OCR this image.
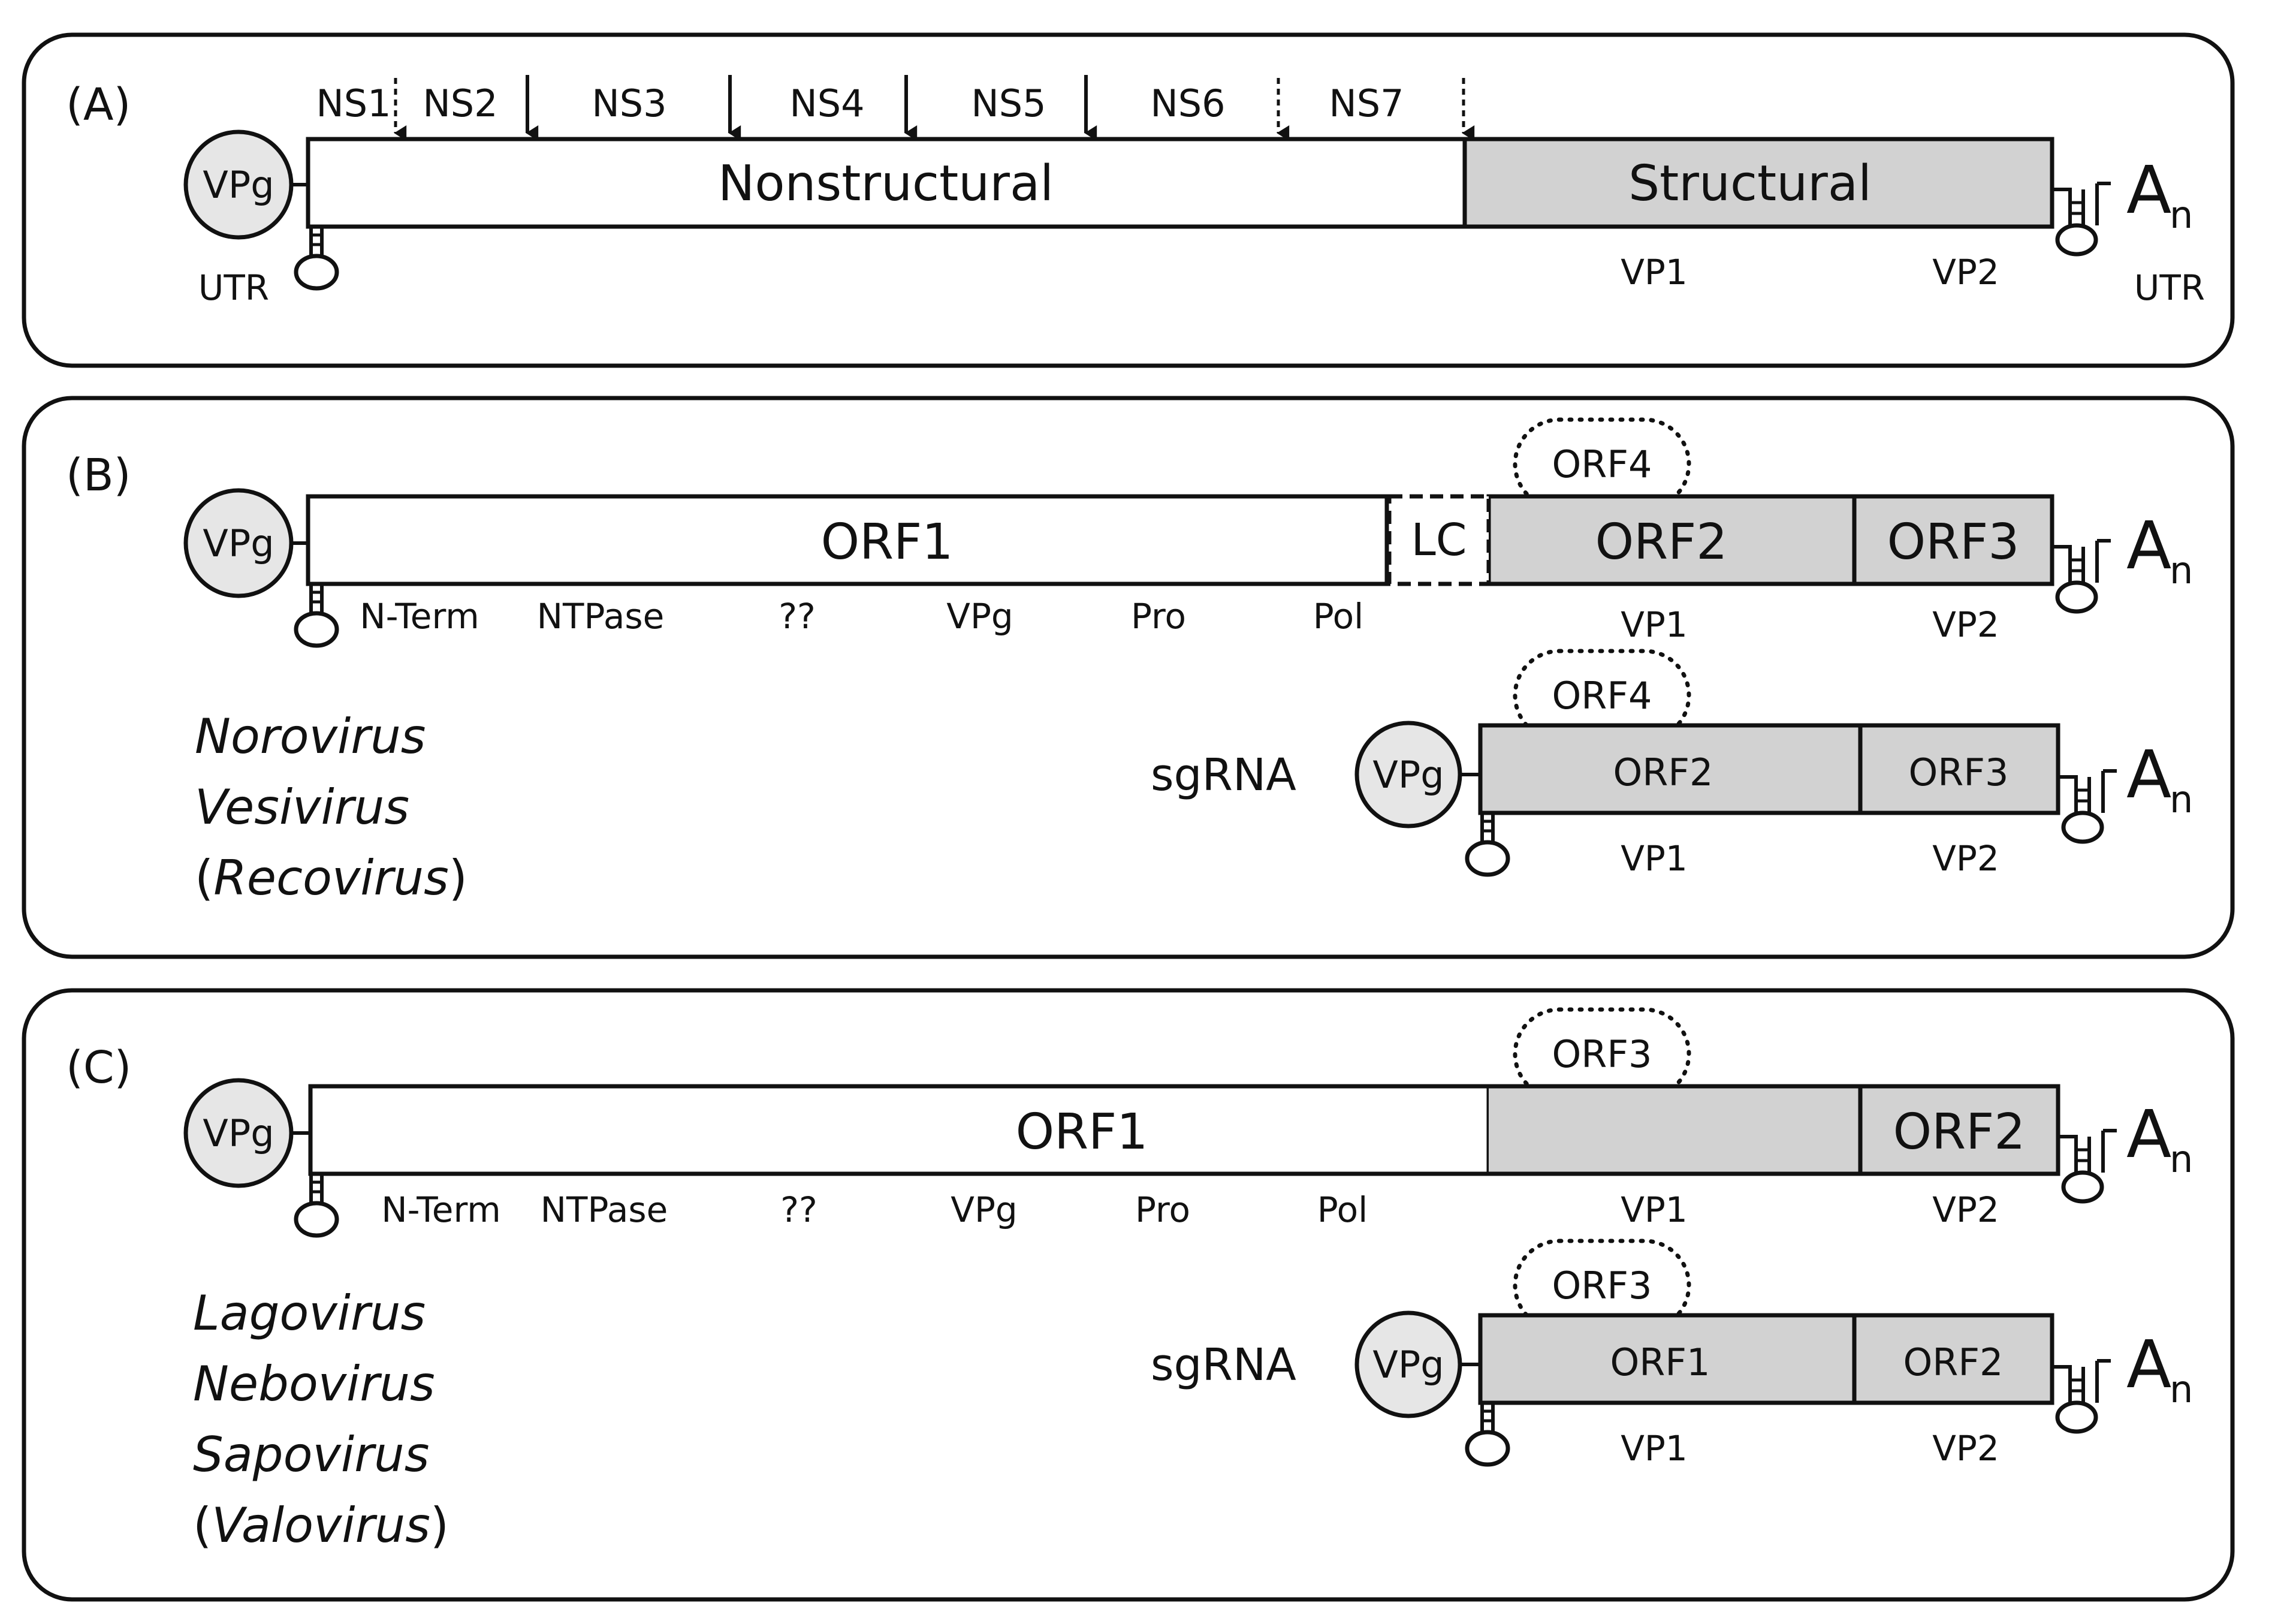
(A)	NS1 NS2	NS3	NS4	NS5	NS6	NS7
VPg	Nonstructural	Structural
UTR	UTR
VP1	VP2
A
n
(B)	ORF4
VPg	ORF1	LC	ORF2	ORF3
N-Term NTPase	??	VPg	Pro	Pol	VP1	VP2
A
n
Norovirus
Vesivirus
(Recovirus)
sgRNA
ORF4
VPg	ORF2	ORF3
VP1	VP2
A
n
(C)	ORF3
VPg	ORF1	ORF2
N-Term NTPase	??	VPg	Pro	Pol	VP1	VP2
A
n
Lagovirus
Nebovirus
Sapovirus
(Valovirus)
sgRNA
ORF3
VPg	ORF1	ORF2
VP1	VP2
A
n
